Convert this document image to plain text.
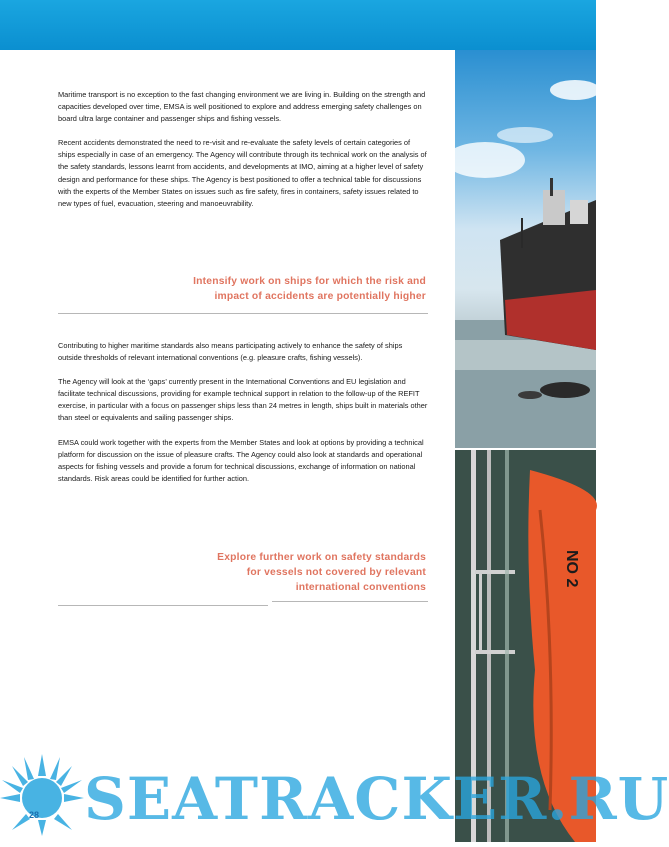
NO 2

Maritime transport is no exception to the fast changing environment we are living in. Building on the strength and capacities developed over time, EMSA is well positioned to explore and address emerging safety challenges on board ultra large container and passenger ships and fishing vessels.

Recent accidents demonstrated the need to re-visit and re-evaluate the safety levels of certain categories of ships especially in case of an emergency. The Agency will contribute through its technical work on the analysis of the safety standards, lessons learnt from accidents, and developments at IMO, aiming at a higher level of safety design and performance for these ships. The Agency is best positioned to offer a technical table for discussions with the experts of the Member States on issues such as fire safety, fires in containers, safety issues related to new types of fuel, evacuation, steering and manoeuvrability.

Intensify work on ships for which the risk and
impact of accidents are potentially higher

Contributing to higher maritime standards also means participating actively to enhance the safety of ships outside thresholds of relevant international conventions (e.g. pleasure crafts, fishing vessels).

The Agency will look at the ‘gaps’ currently present in the International Conventions and EU legislation and facilitate technical discussions, providing for example technical support in relation to the follow-up of the REFIT exercise, in particular with a focus on passenger ships less than 24 metres in length, ships built in materials other than steel or equivalents and sailing passenger ships.

EMSA could work together with the experts from the Member States and look at options by providing a technical platform for discussion on the issue of pleasure crafts. The Agency could also look at standards and operational aspects for fishing vessels and provide a forum for technical discussions, exchange of information on national standards. Risk areas could be identified for further action.

Explore further work on safety standards
for vessels not covered by relevant
international conventions
SEATRACKER.RU
28
